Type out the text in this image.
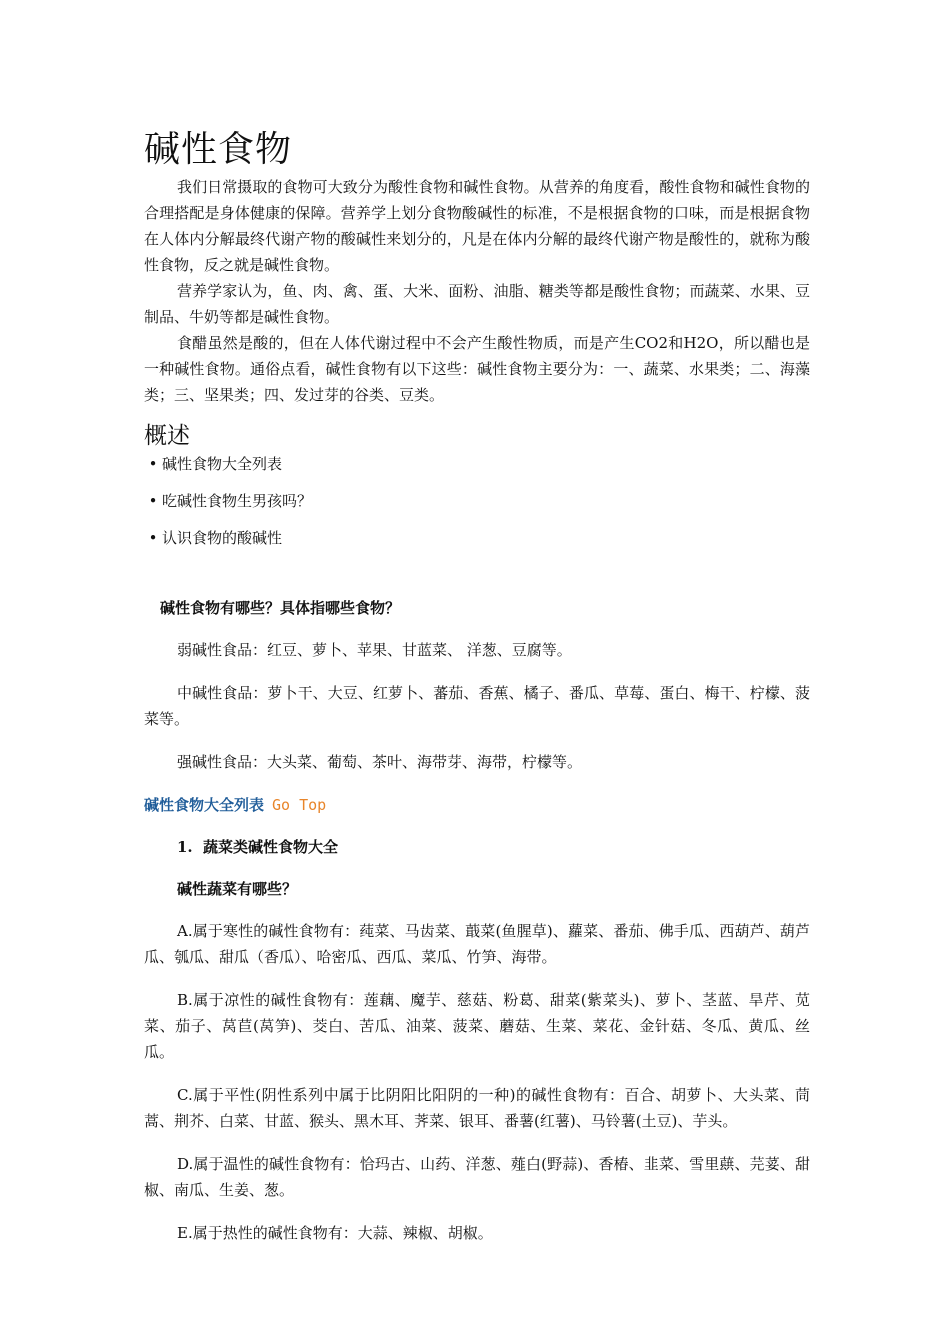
碱性食物

我们日常摄取的食物可大致分为酸性食物和碱性食物。从营养的角度看，酸性食物和碱性食物的合理搭配是身体健康的保障。营养学上划分食物酸碱性的标准，不是根据食物的口味，而是根据食物在人体内分解最终代谢产物的酸碱性来划分的，凡是在体内分解的最终代谢产物是酸性的，就称为酸性食物，反之就是碱性食物。

营养学家认为，鱼、肉、禽、蛋、大米、面粉、油脂、糖类等都是酸性食物；而蔬菜、水果、豆制品、牛奶等都是碱性食物。

食醋虽然是酸的，但在人体代谢过程中不会产生酸性物质，而是产生CO2和H2O，所以醋也是一种碱性食物。通俗点看，碱性食物有以下这些：碱性食物主要分为：一、蔬菜、水果类；二、海藻类；三、坚果类；四、发过芽的谷类、豆类。

概述
• 碱性食物大全列表
• 吃碱性食物生男孩吗？
• 认识食物的酸碱性
碱性食物有哪些？具体指哪些食物？

弱碱性食品：红豆、萝卜、苹果、甘蓝菜、 洋葱、豆腐等。

中碱性食品：萝卜干、大豆、红萝卜、蕃茄、香蕉、橘子、番瓜、草莓、蛋白、梅干、柠檬、菠菜等。

强碱性食品：大头菜、葡萄、茶叶、海带芽、海带，柠檬等。

碱性食物大全列表 Go Top
1. 蔬菜类碱性食物大全
碱性蔬菜有哪些？

A.属于寒性的碱性食物有：莼菜、马齿菜、蕺菜(鱼腥草)、蘿菜、番茄、佛手瓜、西葫芦、葫芦瓜、瓠瓜、甜瓜（香瓜）、哈密瓜、西瓜、菜瓜、竹笋、海带。

B.属于凉性的碱性食物有：莲藕、魔芋、慈菇、粉葛、甜菜(紫菜头)、萝卜、茎蓝、旱芹、苋菜、茄子、莴苣(莴笋)、茭白、苦瓜、油菜、菠菜、蘑菇、生菜、菜花、金针菇、冬瓜、黄瓜、丝瓜。

C.属于平性(阴性系列中属于比阴阳比阳阴的一种)的碱性食物有：百合、胡萝卜、大头菜、茼蒿、荆芥、白菜、甘蓝、猴头、黑木耳、荠菜、银耳、番薯(红薯)、马铃薯(土豆)、芋头。

D.属于温性的碱性食物有：恰玛古、山药、洋葱、薤白(野蒜)、香椿、韭菜、雪里蕻、芫荽、甜椒、南瓜、生姜、葱。

E.属于热性的碱性食物有：大蒜、辣椒、胡椒。
